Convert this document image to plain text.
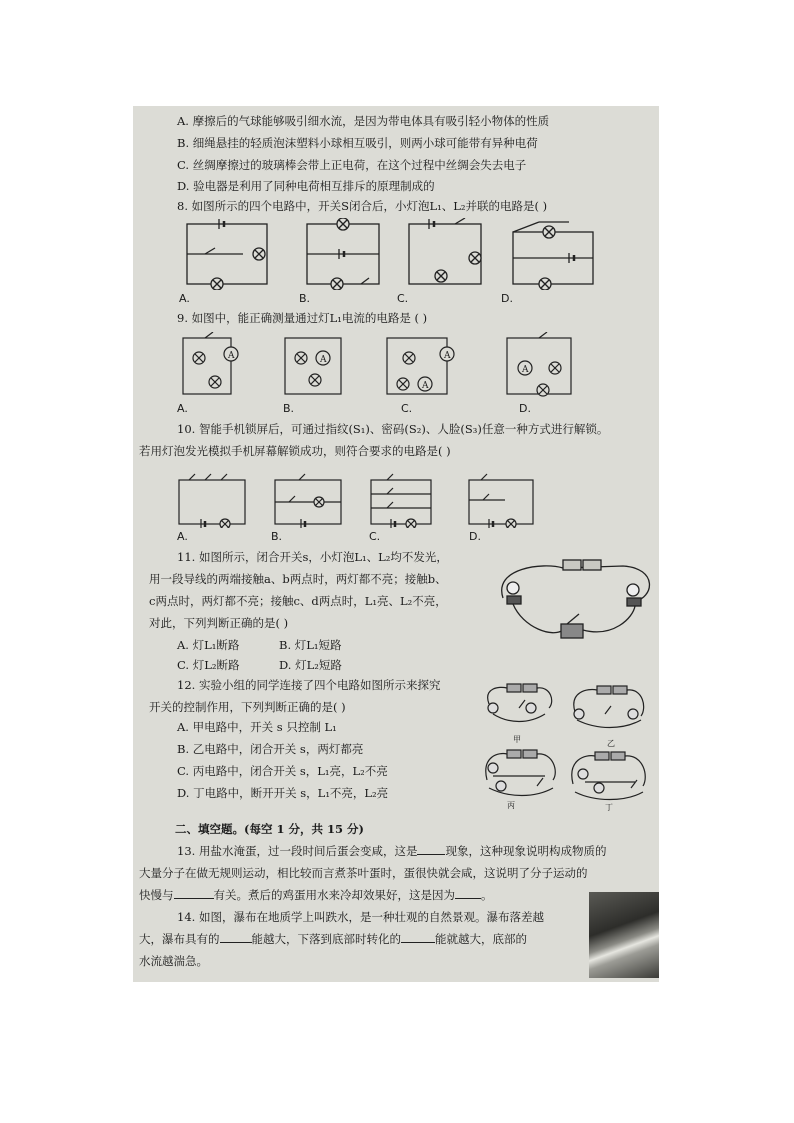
A. 摩擦后的气球能够吸引细水流，是因为带电体具有吸引轻小物体的性质
B. 细绳悬挂的轻质泡沫塑料小球相互吸引，则两小球可能带有异种电荷
C. 丝绸摩擦过的玻璃棒会带上正电荷，在这个过程中丝绸会失去电子
D. 验电器是利用了同种电荷相互排斥的原理制成的
8. 如图所示的四个电路中，开关S闭合后，小灯泡L₁、L₂并联的电路是( )
A.	B.	C.	D.
9. 如图中，能正确测量通过灯L₁电流的电路是 ( )
A	A	A
A
A
A.	B.	C.	D.
10. 智能手机锁屏后，可通过指纹(S₁)、密码(S₂)、人脸(S₃)任意一种方式进行解锁。
若用灯泡发光模拟手机屏幕解锁成功，则符合要求的电路是( )
A.	B.	C.	D.
11. 如图所示，闭合开关s，小灯泡L₁、L₂均不发光，
用一段导线的两端接触a、b两点时，两灯都不亮；接触b、
c两点时，两灯都不亮；接触c、d两点时，L₁亮、L₂不亮，
对此，下列判断正确的是( )
A. 灯L₁断路	B. 灯L₁短路
C. 灯L₂断路	D. 灯L₂短路
12. 实验小组的同学连接了四个电路如图所示来探究
开关的控制作用，下列判断正确的是( )
A. 甲电路中，开关 s 只控制 L₁
B. 乙电路中，闭合开关 s，两灯都亮
C. 丙电路中，闭合开关 s，L₁亮，L₂不亮
D. 丁电路中，断开开关 s，L₁不亮，L₂亮
甲	乙
丙	丁
二、填空题。(每空 1 分，共 15 分)
13. 用盐水淹蛋，过一段时间后蛋会变咸，这是 现象，这种现象说明构成物质的
大量分子在做无规则运动，相比较而言煮茶叶蛋时，蛋很快就会咸，这说明了分子运动的
快慢与	有关。煮后的鸡蛋用水来冷却效果好，这是因为 。
14. 如图，瀑布在地质学上叫跌水，是一种壮观的自然景观。瀑布落差越
大，瀑布具有的	能越大，下落到底部时转化的	能就越大，底部的
水流越湍急。
